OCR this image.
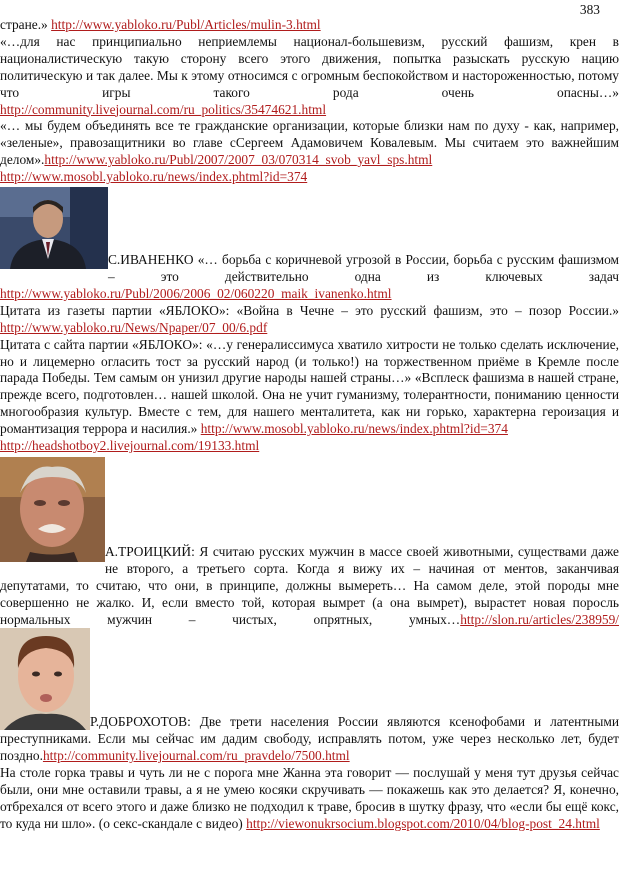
383

стране.» http://www.yabloko.ru/Publ/Articles/mulin-3.html

«…для нас принципиально неприемлемы национал-большевизм, русский фашизм, крен в националистическую такую сторону всего этого движения, попытка разыскать русскую нацию политическую и так далее. Мы к этому относимся с огромным беспокойством и настороженностью, потому что игры такого рода очень опасны…»

http://community.livejournal.com/ru_politics/35474621.html

«… мы будем объединять все те гражданские организации, которые близки нам по духу - как, например, «зеленые», правозащитники во главе сСергеем Адамовичем Ковалевым. Мы считаем это важнейшим делом».http://www.yabloko.ru/Publ/2007/2007_03/070314_svob_yavl_sps.html

http://www.mosobl.yabloko.ru/news/index.phtml?id=374

С.ИВАНЕНКО «… борьба с коричневой угрозой в России, борьба с русским фашизмом – это действительно одна из ключевых задач

http://www.yabloko.ru/Publ/2006/2006_02/060220_maik_ivanenko.html

Цитата из газеты партии «ЯБЛОКО»: «Война в Чечне – это русский фашизм, это – позор России.» http://www.yabloko.ru/News/Npaper/07_00/6.pdf

Цитата с сайта партии «ЯБЛОКО»: «…у генералиссимуса хватило хитрости не только сделать исключение, но и лицемерно огласить тост за русский народ (и только!) на торжественном приёме в Кремле после парада Победы. Тем самым он унизил другие народы нашей страны…» «Всплеск фашизма в нашей стране, прежде всего, подготовлен… нашей школой. Она не учит гуманизму, толерантности, пониманию ценности многообразия культур. Вместе с тем, для нашего менталитета, как ни горько, характерна героизация и романтизация террора и насилия.» http://www.mosobl.yabloko.ru/news/index.phtml?id=374

http://headshotboy2.livejournal.com/19133.html

А.ТРОИЦКИЙ: Я считаю русских мужчин в массе своей животными, существами даже не второго, а третьего сорта. Когда я вижу их – начиная от ментов, заканчивая депутатами, то считаю, что они, в принципе, должны вымереть… На самом деле, этой породы мне совершенно не жалко. И, если вместо той, которая вымрет (а она вымрет), вырастет новая поросль нормальных мужчин – чистых, опрятных, умных…http://slon.ru/articles/238959/

Р.ДОБРОХОТОВ: Две трети населения России являются ксенофобами и латентными преступниками. Если мы сейчас им дадим свободу, исправлять потом, уже через несколько лет, будет поздно.http://community.livejournal.com/ru_pravdelo/7500.html

На столе горка травы и чуть ли не с порога мне Жанна эта говорит — послушай у меня тут друзья сейчас были, они мне оставили травы, а я не умею косяки скручивать — покажешь как это делается? Я, конечно, отбрехался от всего этого и даже близко не подходил к траве, бросив в шутку фразу, что «если бы ещё кокс, то куда ни шло». (о секс-скандале с видео) http://viewonukrsocium.blogspot.com/2010/04/blog-post_24.html
